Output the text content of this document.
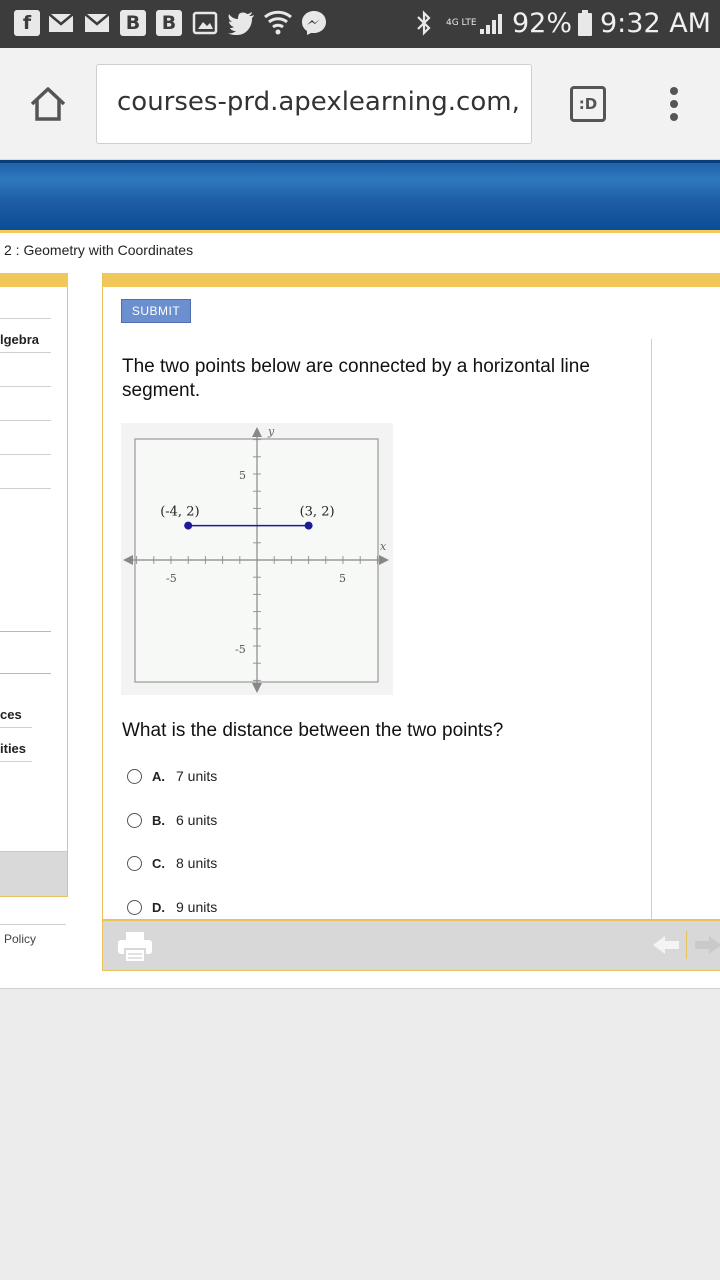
f	B	B	4G LTE 92% 9:32 AM
courses-prd.apexlearning.com,	:D
2 : Geometry with Coordinates
lgebra
ces
ities
Policy
SUBMIT
The two points below are connected by a horizontal line segment.
x
y
-5	5
5
-5
(-4, 2)	(3, 2)
What is the distance between the two points?
A. 7 units
B. 6 units
C. 8 units
D. 9 units
